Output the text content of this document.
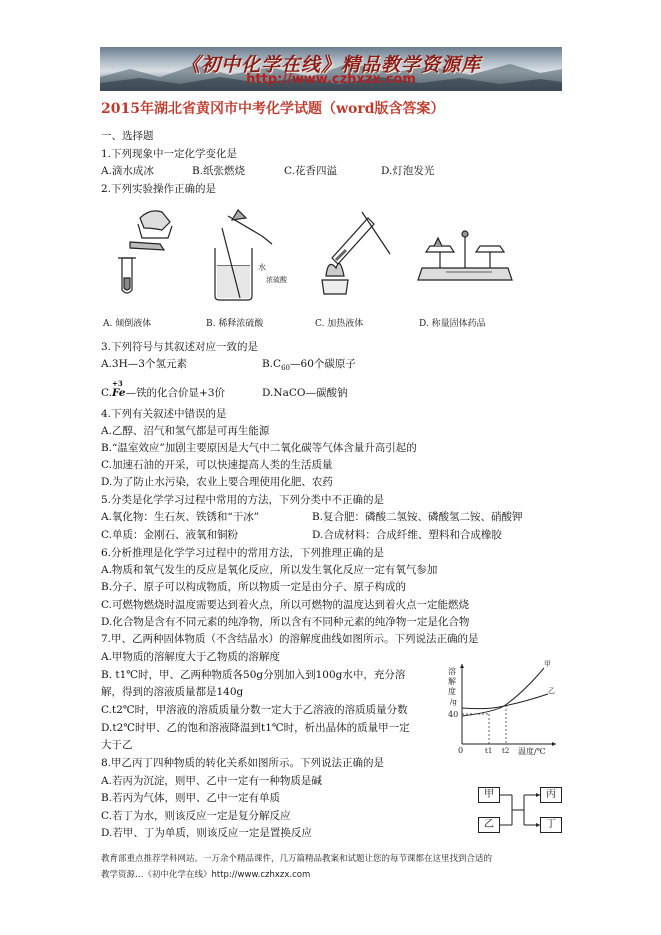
《初中化学在线》精品教学资源库
http://www.czhxzx.com
2015年湖北省黄冈市中考化学试题（word版含答案）
一、选择题
1.下列现象中一定化学变化是
A.滴水成冰	B.纸张燃烧	C.花香四溢	D.灯泡发光
2.下列实验操作正确的是
水
浓硫酸
A. 倾倒液体	B. 稀释浓硫酸	C. 加热液体	D. 称量固体药品
3.下列符号与其叙述对应一致的是
A.3H—3个氢元素	$B.C_{60}—60$个碳原子
C.
+3
Fe—铁的化合价显+3价	D.NaCO—碳酸钠
4.下列有关叙述中错误的是
A.乙醇、沼气和氢气都是可再生能源
B.“温室效应”加剧主要原因是大气中二氧化碳等气体含量升高引起的
C.加速石油的开采，可以快速提高人类的生活质量
D.为了防止水污染，农业上要合理使用化肥、农药
5.分类是化学学习过程中常用的方法，下列分类中不正确的是
A.氧化物：生石灰、铁锈和“干冰”	B.复合肥：磷酸二氢铵、磷酸氢二铵、硝酸钾
C.单质：金刚石、液氧和铜粉	D.合成材料：合成纤维、塑料和合成橡胶
6.分析推理是化学学习过程中的常用方法，下列推理正确的是
A.物质和氧气发生的反应是氧化反应，所以发生氧化反应一定有氧气参加
B.分子、原子可以构成物质，所以物质一定是由分子、原子构成的
C.可燃物燃烧时温度需要达到着火点，所以可燃物的温度达到着火点一定能燃烧
D.化合物是含有不同元素的纯净物，所以含有不同种元素的纯净物一定是化合物
7.甲、乙两种固体物质（不含结晶水）的溶解度曲线如图所示。下列说法正确的是
A.甲物质的溶解度大于乙物质的溶解度
B. t1℃时，甲、乙两种物质各50g分别加入到100g水中，充分溶
解，得到的溶液质量都是140g
C.t2℃时，甲溶液的溶质质量分数一定大于乙溶液的溶质质量分数
D.t2℃时甲、乙的饱和溶液降温到t1℃时，析出晶体的质量甲一定
大于乙
甲
乙
40
0	t1 t2 温度/℃
溶
解
度
/g
8.甲乙丙丁四种物质的转化关系如图所示。下列说法正确的是
A.若丙为沉淀，则甲、乙中一定有一种物质是碱
B.若丙为气体，则甲、乙中一定有单质
C.若丁为水，则该反应一定是复分解反应
D.若甲、丁为单质，则该反应一定是置换反应
甲
乙
丙
丁
教育部重点推荐学科网站。一万余个精品课件，几万篇精品教案和试题让您的每节课都在这里找到合适的
教学资源…《初中化学在线》http://www.czhxzx.com
